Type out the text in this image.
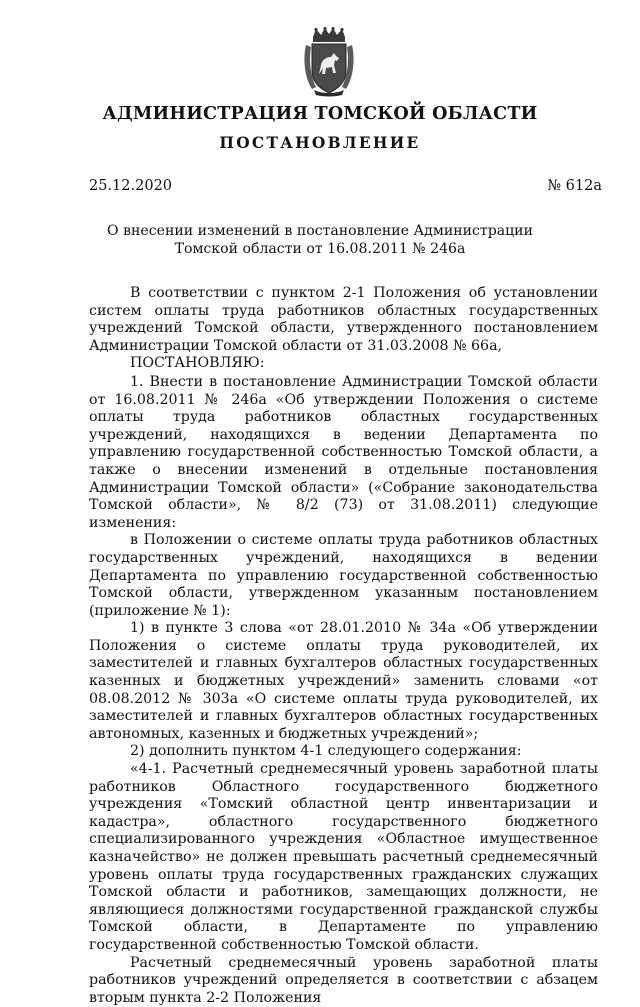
АДМИНИСТРАЦИЯ ТОМСКОЙ ОБЛАСТИ
ПОСТАНОВЛЕНИЕ
25.12.2020	№ 612а
О внесении изменений в постановление Администрации
Томской области от 16.08.2011 № 246а

В соответствии с пунктом 2-1 Положения об установлении систем оплаты труда работников областных государственных учреждений Томской области, утвержденного постановлением Администрации Томской области от 31.03.2008 № 66а,

ПОСТАНОВЛЯЮ:

1. Внести в постановление Администрации Томской области от 16.08.2011 № 246а «Об утверждении Положения о системе оплаты труда работников областных государственных учреждений, находящихся в ведении Департамента по управлению государственной собственностью Томской области, а также о внесении изменений в отдельные постановления Администрации Томской области» («Собрание законодательства Томской области», № 8/2 (73) от 31.08.2011) следующие изменения:

в Положении о системе оплаты труда работников областных государственных учреждений, находящихся в ведении Департамента по управлению государственной собственностью Томской области, утвержденном указанным постановлением (приложение № 1):

1) в пункте 3 слова «от 28.01.2010 № 34а «Об утверждении Положения о системе оплаты труда руководителей, их заместителей и главных бухгалтеров областных государственных казенных и бюджетных учреждений» заменить словами «от 08.08.2012 № 303а «О системе оплаты труда руководителей, их заместителей и главных бухгалтеров областных государственных автономных, казенных и бюджетных учреждений»;

2) дополнить пунктом 4-1 следующего содержания:

«4-1. Расчетный среднемесячный уровень заработной платы работников Областного государственного бюджетного учреждения «Томский областной центр инвентаризации и кадастра», областного государственного бюджетного специализированного учреждения «Областное имущественное казначейство» не должен превышать расчетный среднемесячный уровень оплаты труда государственных гражданских служащих Томской области и работников, замещающих должности, не являющиеся должностями государственной гражданской службы Томской области, в Департаменте по управлению государственной собственностью Томской области.

Расчетный среднемесячный уровень заработной платы работников учреждений определяется в соответствии с абзацем вторым пункта 2-2 Положения
